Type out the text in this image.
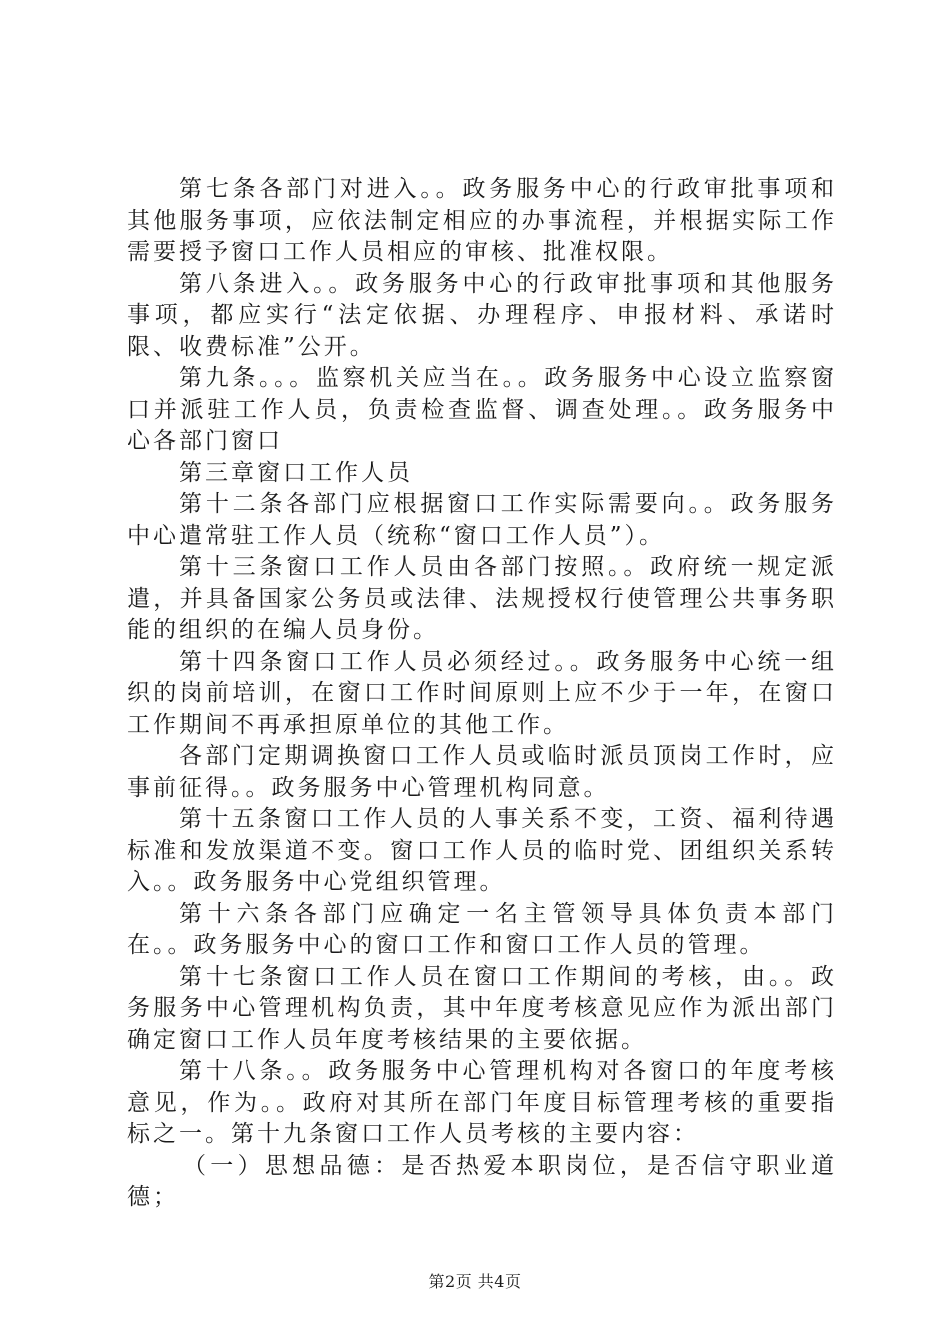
第七条各部门对进入。。政务服务中心的行政审批事项和其他服务事项，应依法制定相应的办事流程，并根据实际工作需要授予窗口工作人员相应的审核、批准权限。

第八条进入。。政务服务中心的行政审批事项和其他服务事项，都应实行“法定依据、办理程序、申报材料、承诺时限、收费标准”公开。

第九条。。。监察机关应当在。。政务服务中心设立监察窗口并派驻工作人员，负责检查监督、调查处理。。政务服务中心各部门窗口

第三章窗口工作人员

第十二条各部门应根据窗口工作实际需要向。。政务服务中心遣常驻工作人员（统称“窗口工作人员”）。

第十三条窗口工作人员由各部门按照。。政府统一规定派遣，并具备国家公务员或法律、法规授权行使管理公共事务职能的组织的在编人员身份。

第十四条窗口工作人员必须经过。。政务服务中心统一组织的岗前培训，在窗口工作时间原则上应不少于一年，在窗口工作期间不再承担原单位的其他工作。

各部门定期调换窗口工作人员或临时派员顶岗工作时，应事前征得。。政务服务中心管理机构同意。

第十五条窗口工作人员的人事关系不变，工资、福利待遇标准和发放渠道不变。窗口工作人员的临时党、团组织关系转入。。政务服务中心党组织管理。

第十六条各部门应确定一名主管领导具体负责本部门在。。政务服务中心的窗口工作和窗口工作人员的管理。

第十七条窗口工作人员在窗口工作期间的考核，由。。政务服务中心管理机构负责，其中年度考核意见应作为派出部门确定窗口工作人员年度考核结果的主要依据。

第十八条。。政务服务中心管理机构对各窗口的年度考核意见，作为。。政府对其所在部门年度目标管理考核的重要指标之一。第十九条窗口工作人员考核的主要内容：

（一）思想品德：是否热爱本职岗位，是否信守职业道德；

第2页 共4页
